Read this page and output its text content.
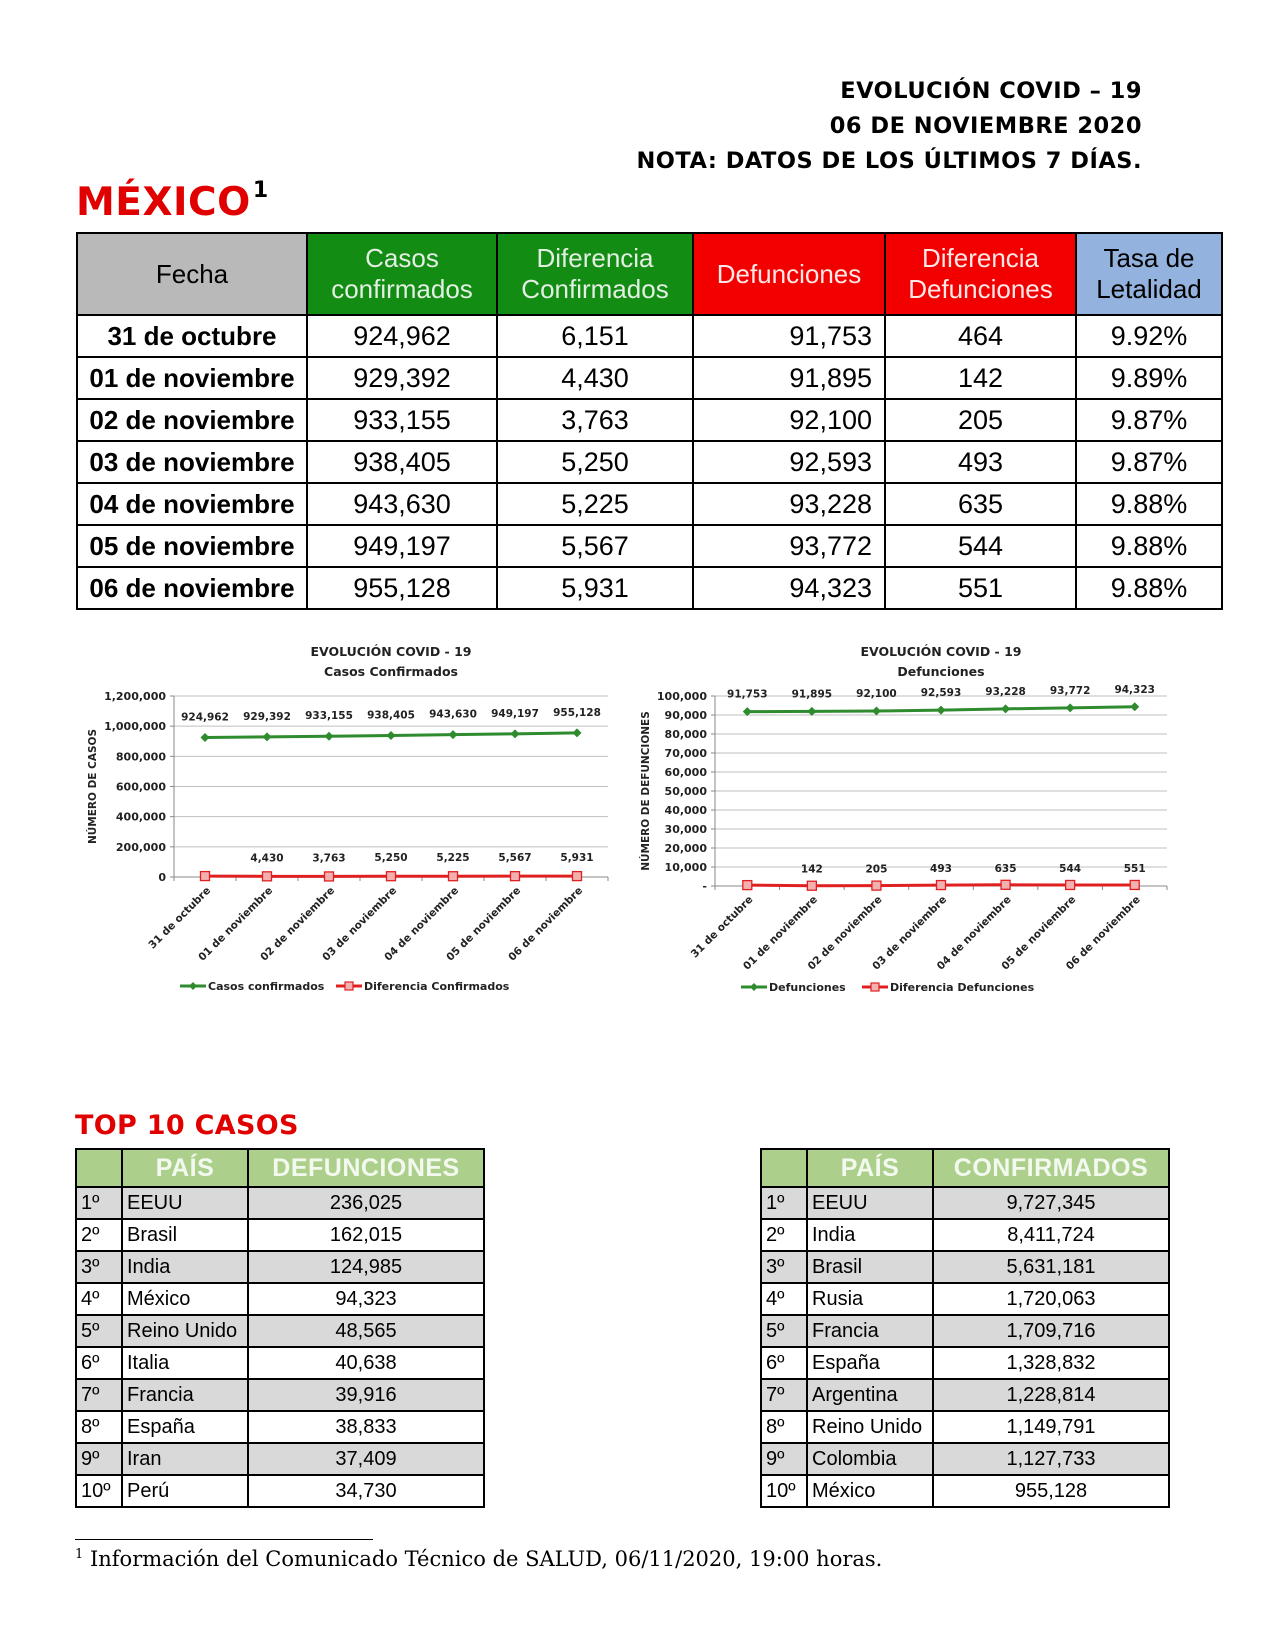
EVOLUCIÓN COVID – 19
06 DE NOVIEMBRE 2020
NOTA: DATOS DE LOS ÚLTIMOS 7 DÍAS.
MÉXICO$^1$
Fecha	Casos confirmados	Diferencia Confirmados	Defunciones	Diferencia Defunciones	Tasa de Letalidad
31 de octubre	924,962	6,151	91,753	464	9.92%
01 de noviembre	929,392	4,430	91,895	142	9.89%
02 de noviembre	933,155	3,763	92,100	205	9.87%
03 de noviembre	938,405	5,250	92,593	493	9.87%
04 de noviembre	943,630	5,225	93,228	635	9.88%
05 de noviembre	949,197	5,567	93,772	544	9.88%
06 de noviembre	955,128	5,931	94,323	551	9.88%
EVOLUCIÓN COVID - 19
Casos Confirmados
0
200,000
400,000
600,000
800,000
1,000,000
1,200,000
NÚMERO DE CASOS
31 de octubre
01 de noviembre
02 de noviembre
03 de noviembre
04 de noviembre
05 de noviembre
06 de noviembre
924,962 929,392 933,155 938,405 943,630 949,197 955,128
4,430	3,763	5,250	5,225	5,567	5,931
Casos confirmados	Diferencia Confirmados
EVOLUCIÓN COVID - 19
Defunciones
-
10,000
20,000
30,000
40,000
50,000
60,000
70,000
80,000
90,000
100,000
NÚMERO DE DEFUNCIONES
31 de octubre
01 de noviembre
02 de noviembre
03 de noviembre
04 de noviembre
05 de noviembre
06 de noviembre
91,753 91,895 92,100 92,593 93,228 93,772 94,323
142	205	493	635	544	551
Defunciones	Diferencia Defunciones
TOP 10 CASOS
	PAÍS	DEFUNCIONES
1º	EEUU	236,025
2º	Brasil	162,015
3º	India	124,985
4º	México	94,323
5º	Reino Unido	48,565
6º	Italia	40,638
7º	Francia	39,916
8º	España	38,833
9º	Iran	37,409
10º	Perú	34,730
	PAÍS	CONFIRMADOS
1º	EEUU	9,727,345
2º	India	8,411,724
3º	Brasil	5,631,181
4º	Rusia	1,720,063
5º	Francia	1,709,716
6º	España	1,328,832
7º	Argentina	1,228,814
8º	Reino Unido	1,149,791
9º	Colombia	1,127,733
10º	México	955,128
$^1$ Información del Comunicado Técnico de SALUD, 06/11/2020, 19:00 horas.
